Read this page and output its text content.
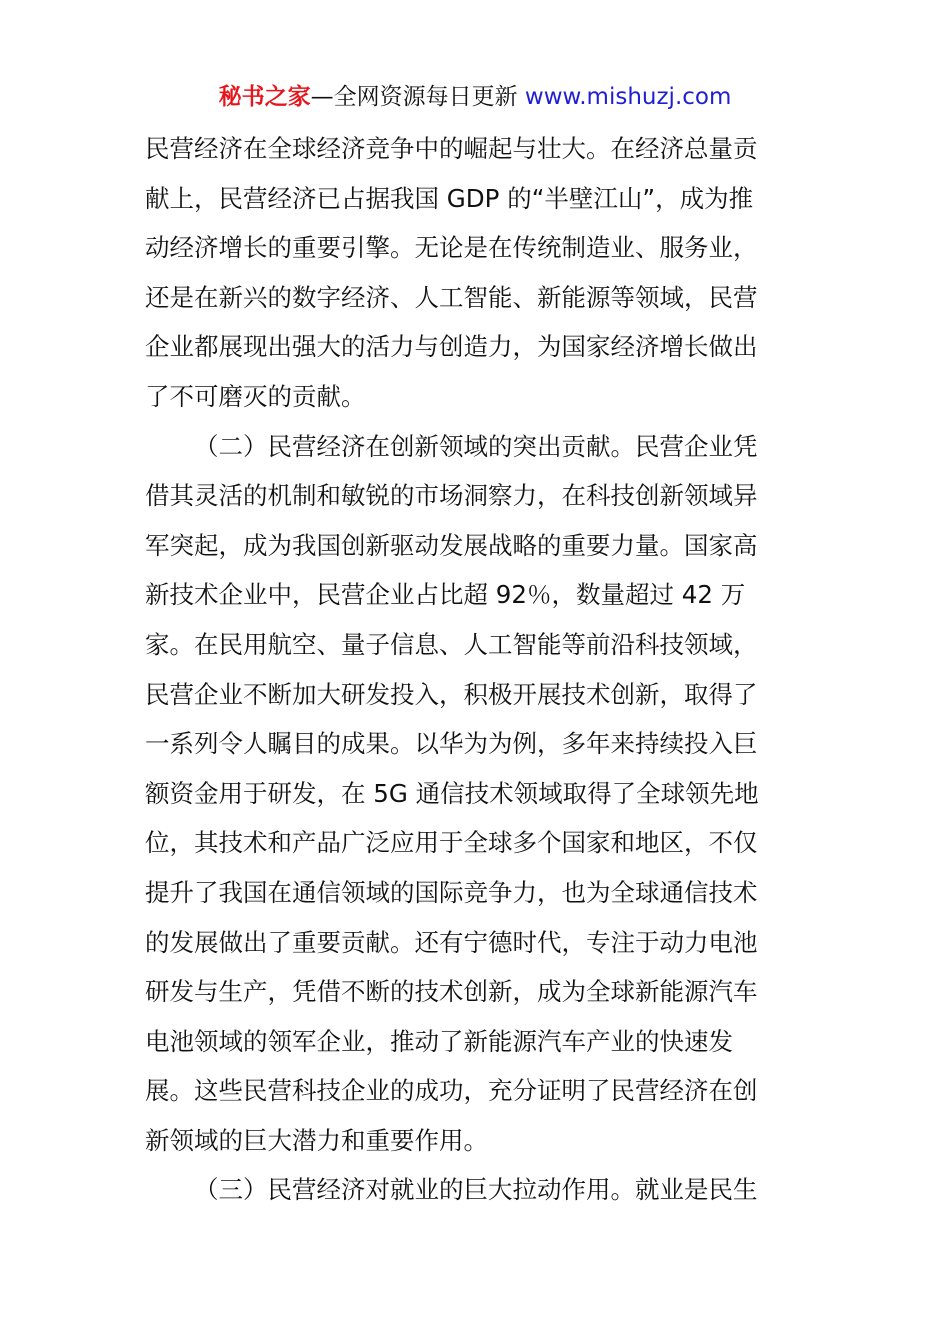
秘书之家—全网资源每日更新 www.mishuzj.com
民营经济在全球经济竞争中的崛起与壮大。在经济总量贡
献上，民营经济已占据我国 GDP 的“半壁江山”，成为推
动经济增长的重要引擎。无论是在传统制造业、服务业，
还是在新兴的数字经济、人工智能、新能源等领域，民营
企业都展现出强大的活力与创造力，为国家经济增长做出
了不可磨灭的贡献。
（二）民营经济在创新领域的突出贡献。民营企业凭
借其灵活的机制和敏锐的市场洞察力，在科技创新领域异
军突起，成为我国创新驱动发展战略的重要力量。国家高
新技术企业中，民营企业占比超 92％，数量超过 42 万
家。在民用航空、量子信息、人工智能等前沿科技领域，
民营企业不断加大研发投入，积极开展技术创新，取得了
一系列令人瞩目的成果。以华为为例，多年来持续投入巨
额资金用于研发，在 5G 通信技术领域取得了全球领先地
位，其技术和产品广泛应用于全球多个国家和地区，不仅
提升了我国在通信领域的国际竞争力，也为全球通信技术
的发展做出了重要贡献。还有宁德时代，专注于动力电池
研发与生产，凭借不断的技术创新，成为全球新能源汽车
电池领域的领军企业，推动了新能源汽车产业的快速发
展。这些民营科技企业的成功，充分证明了民营经济在创
新领域的巨大潜力和重要作用。
（三）民营经济对就业的巨大拉动作用。就业是民生
